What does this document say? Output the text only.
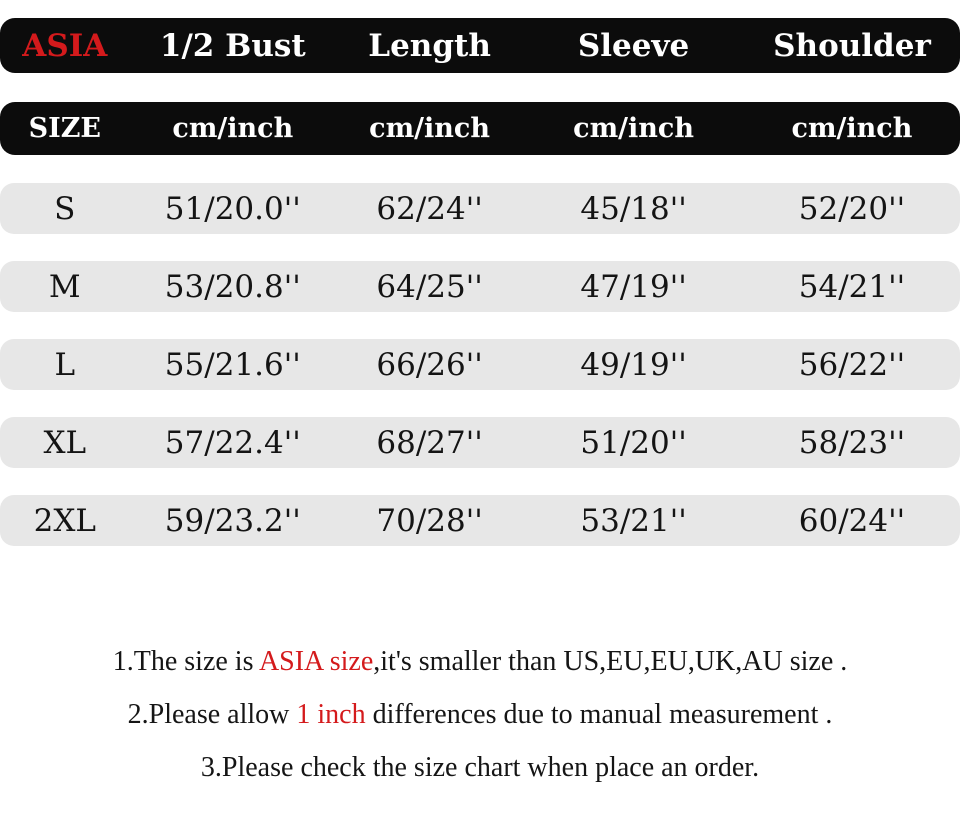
ASIA	1/2 Bust	Length	Sleeve	Shoulder
SIZE	cm/inch	cm/inch	cm/inch	cm/inch
S	51/20.0''	62/24''	45/18''	52/20''
M	53/20.8''	64/25''	47/19''	54/21''
L	55/21.6''	66/26''	49/19''	56/22''
XL	57/22.4''	68/27''	51/20''	58/23''
2XL	59/23.2''	70/28''	53/21''	60/24''

1.The size is ASIA size,it's smaller than US,EU,EU,UK,AU size .

2.Please allow 1 inch differences due to manual measurement .

3.Please check the size chart when place an order.
